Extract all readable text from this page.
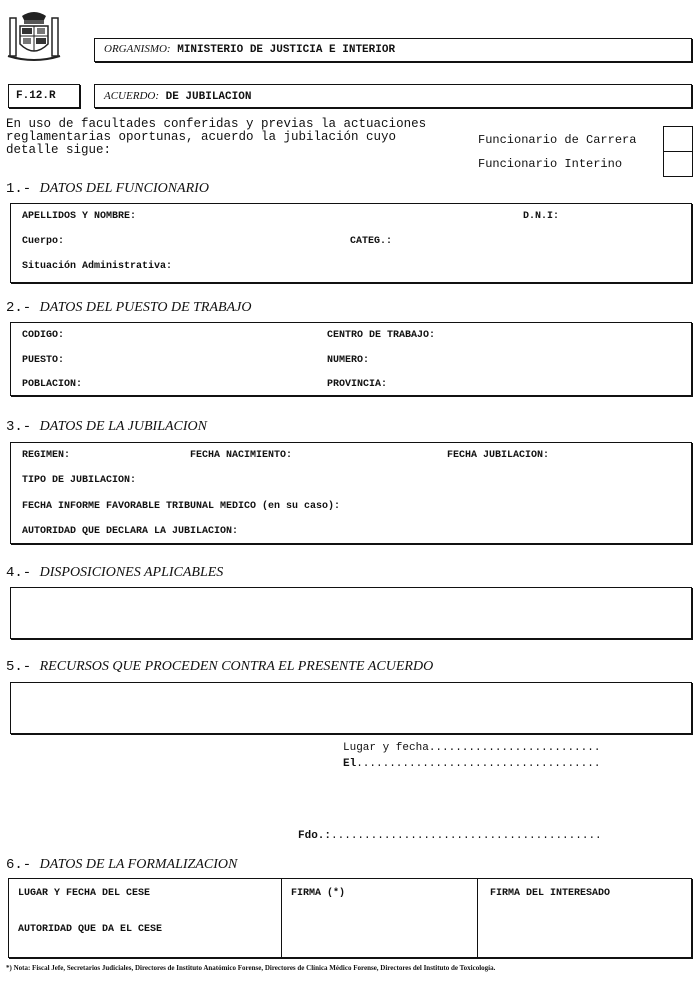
ORGANISMO: MINISTERIO DE JUSTICIA E INTERIOR
F.12.R	ACUERDO: DE JUBILACION
En uso de facultades conferidas y previas la actuaciones
reglamentarias oportunas, acuerdo la jubilación cuyo
detalle sigue:
Funcionario de Carrera
Funcionario Interino
1.- DATOS DEL FUNCIONARIO
APELLIDOS Y NOMBRE:	D.N.I:
Cuerpo:	CATEG.:
Situación Administrativa:
2.- DATOS DEL PUESTO DE TRABAJO
CODIGO:	CENTRO DE TRABAJO:
PUESTO:	NUMERO:
POBLACION:	PROVINCIA:
3.- DATOS DE LA JUBILACION
REGIMEN:	FECHA NACIMIENTO:	FECHA JUBILACION:
TIPO DE JUBILACION:
FECHA INFORME FAVORABLE TRIBUNAL MEDICO (en su caso):
AUTORIDAD QUE DECLARA LA JUBILACION:
4.- DISPOSICIONES APLICABLES
5.- RECURSOS QUE PROCEDEN CONTRA EL PRESENTE ACUERDO
Lugar y fecha..........................
El.....................................
Fdo.:.........................................
6.- DATOS DE LA FORMALIZACION
LUGAR Y FECHA DEL CESE
AUTORIDAD QUE DA EL CESE
FIRMA (*)	FIRMA DEL INTERESADO
*) Nota: Fiscal Jefe, Secretarios Judiciales, Directores de Instituto Anatómico Forense, Directores de Clínica Médico Forense, Directores del Instituto de Toxicología.
